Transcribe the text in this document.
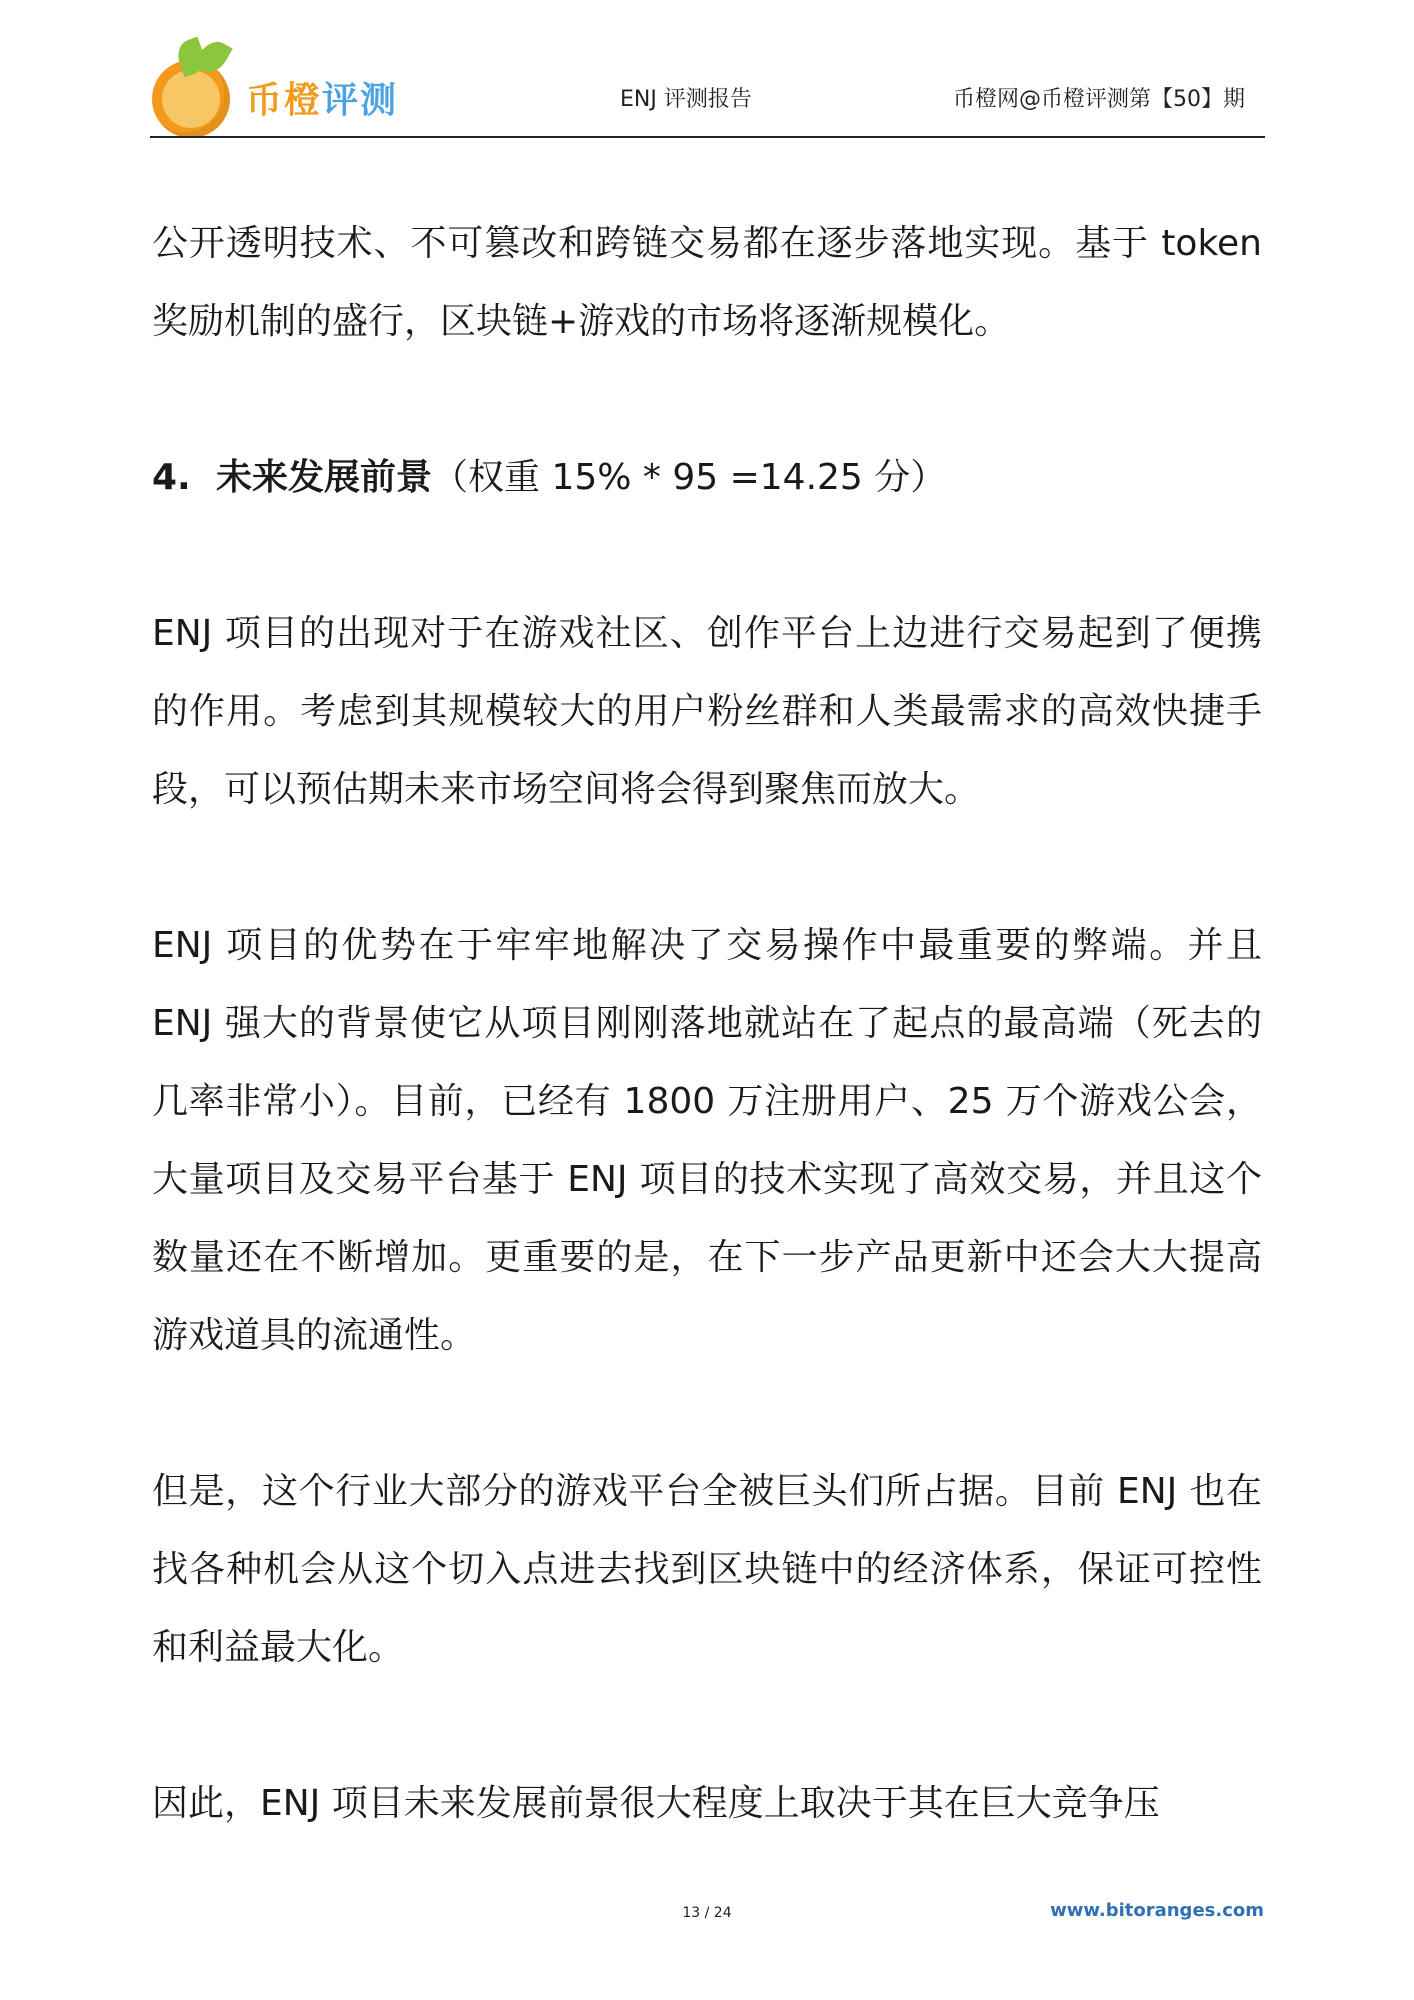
币橙评测	ENJ 评测报告	币橙网@币橙评测第【50】期

公开透明技术、不可篡改和跨链交易都在逐步落地实现。基于 token 奖励机制的盛行，区块链+游戏的市场将逐渐规模化。

4. 未来发展前景（权重 15% * 95 =14.25 分）

ENJ 项目的出现对于在游戏社区、创作平台上边进行交易起到了便携的作用。考虑到其规模较大的用户粉丝群和人类最需求的高效快捷手段，可以预估期未来市场空间将会得到聚焦而放大。

ENJ 项目的优势在于牢牢地解决了交易操作中最重要的弊端。并且 ENJ 强大的背景使它从项目刚刚落地就站在了起点的最高端（死去的几率非常小）。目前，已经有 1800 万注册用户、25 万个游戏公会，大量项目及交易平台基于 ENJ 项目的技术实现了高效交易，并且这个数量还在不断增加。更重要的是，在下一步产品更新中还会大大提高游戏道具的流通性。

但是，这个行业大部分的游戏平台全被巨头们所占据。目前 ENJ 也在找各种机会从这个切入点进去找到区块链中的经济体系，保证可控性和利益最大化。

因此，ENJ 项目未来发展前景很大程度上取决于其在巨大竞争压

13 / 24	www.bitoranges.com
